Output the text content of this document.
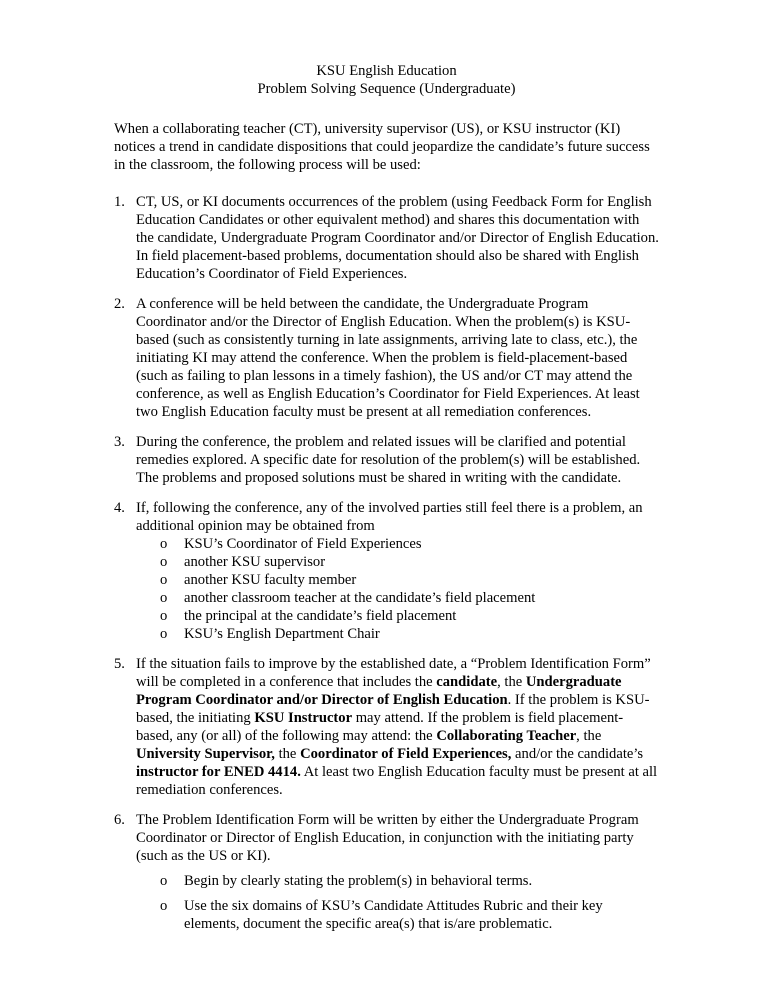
KSU English Education
Problem Solving Sequence (Undergraduate)

When a collaborating teacher (CT), university supervisor (US), or KSU instructor (KI) notices a trend in candidate dispositions that could jeopardize the candidate’s future success in the classroom, the following process will be used:

1. CT, US, or KI documents occurrences of the problem (using Feedback Form for English Education Candidates or other equivalent method) and shares this documentation with the candidate, Undergraduate Program Coordinator and/or Director of English Education. In field placement-based problems, documentation should also be shared with English Education’s Coordinator of Field Experiences.
2. A conference will be held between the candidate, the Undergraduate Program Coordinator and/or the Director of English Education. When the problem(s) is KSU-based (such as consistently turning in late assignments, arriving late to class, etc.), the initiating KI may attend the conference. When the problem is field-placement-based (such as failing to plan lessons in a timely fashion), the US and/or CT may attend the conference, as well as English Education’s Coordinator for Field Experiences. At least two English Education faculty must be present at all remediation conferences.
3. During the conference, the problem and related issues will be clarified and potential remedies explored. A specific date for resolution of the problem(s) will be established. The problems and proposed solutions must be shared in writing with the candidate.
4. If, following the conference, any of the involved parties still feel there is a problem, an additional opinion may be obtained from
o KSU’s Coordinator of Field Experiences
o another KSU supervisor
o another KSU faculty member
o another classroom teacher at the candidate’s field placement
o the principal at the candidate’s field placement
o KSU’s English Department Chair
5. If the situation fails to improve by the established date, a “Problem Identification Form” will be completed in a conference that includes the candidate, the Undergraduate Program Coordinator and/or Director of English Education. If the problem is KSU-based, the initiating KSU Instructor may attend. If the problem is field placement-based, any (or all) of the following may attend: the Collaborating Teacher, the University Supervisor, the Coordinator of Field Experiences, and/or the candidate’s instructor for ENED 4414. At least two English Education faculty must be present at all remediation conferences.
6. The Problem Identification Form will be written by either the Undergraduate Program Coordinator or Director of English Education, in conjunction with the initiating party (such as the US or KI).
o Begin by clearly stating the problem(s) in behavioral terms.
o Use the six domains of KSU’s Candidate Attitudes Rubric and their key elements, document the specific area(s) that is/are problematic.
